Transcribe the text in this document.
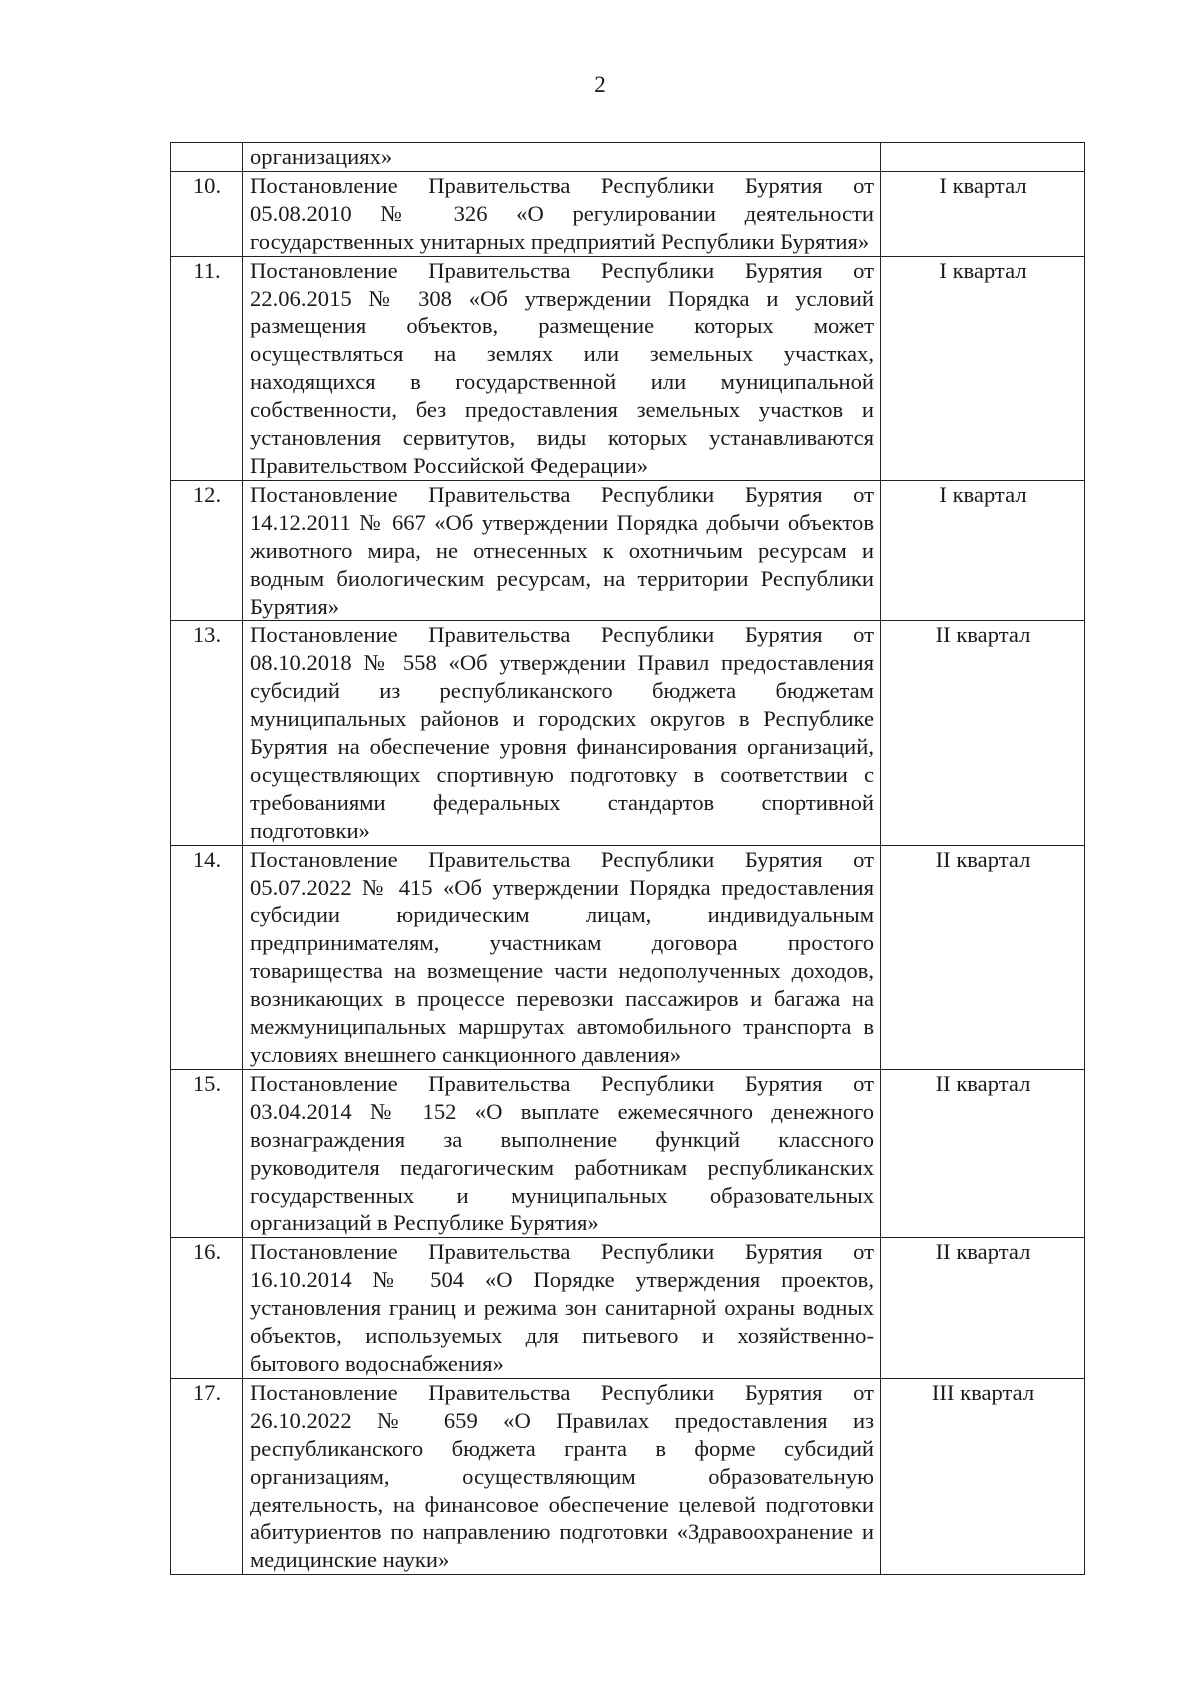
2
	организациях»	
10.	Постановление Правительства Республики Бурятия от 05.08.2010 № 326 «О регулировании деятельности государственных унитарных предприятий Республики Бурятия»	I квартал
11.	Постановление Правительства Республики Бурятия от 22.06.2015 № 308 «Об утверждении Порядка и условий размещения объектов, размещение которых может осуществляться на землях или земельных участках, находящихся в государственной или муниципальной собственности, без предоставления земельных участков и установления сервитутов, виды которых устанавливаются Правительством Российской Федерации»	I квартал
12.	Постановление Правительства Республики Бурятия от 14.12.2011 № 667 «Об утверждении Порядка добычи объектов животного мира, не отнесенных к охотничьим ресурсам и водным биологическим ресурсам, на территории Республики Бурятия»	I квартал
13.	Постановление Правительства Республики Бурятия от 08.10.2018 № 558 «Об утверждении Правил предоставления субсидий из республиканского бюджета бюджетам муниципальных районов и городских округов в Республике Бурятия на обеспечение уровня финансирования организаций, осуществляющих спортивную подготовку в соответствии с требованиями федеральных стандартов спортивной подготовки»	II квартал
14.	Постановление Правительства Республики Бурятия от 05.07.2022 № 415 «Об утверждении Порядка предоставления субсидии юридическим лицам, индивидуальным предпринимателям, участникам договора простого товарищества на возмещение части недополученных доходов, возникающих в процессе перевозки пассажиров и багажа на межмуниципальных маршрутах автомобильного транспорта в условиях внешнего санкционного давления»	II квартал
15.	Постановление Правительства Республики Бурятия от 03.04.2014 № 152 «О выплате ежемесячного денежного вознаграждения за выполнение функций классного руководителя педагогическим работникам республиканских государственных и муниципальных образовательных организаций в Республике Бурятия»	II квартал
16.	Постановление Правительства Республики Бурятия от 16.10.2014 № 504 «О Порядке утверждения проектов, установления границ и режима зон санитарной охраны водных объектов, используемых для питьевого и хозяйственно-бытового водоснабжения»	II квартал
17.	Постановление Правительства Республики Бурятия от 26.10.2022 № 659 «О Правилах предоставления из республиканского бюджета гранта в форме субсидий организациям, осуществляющим образовательную деятельность, на финансовое обеспечение целевой подготовки абитуриентов по направлению подготовки «Здравоохранение и медицинские науки»	III квартал
